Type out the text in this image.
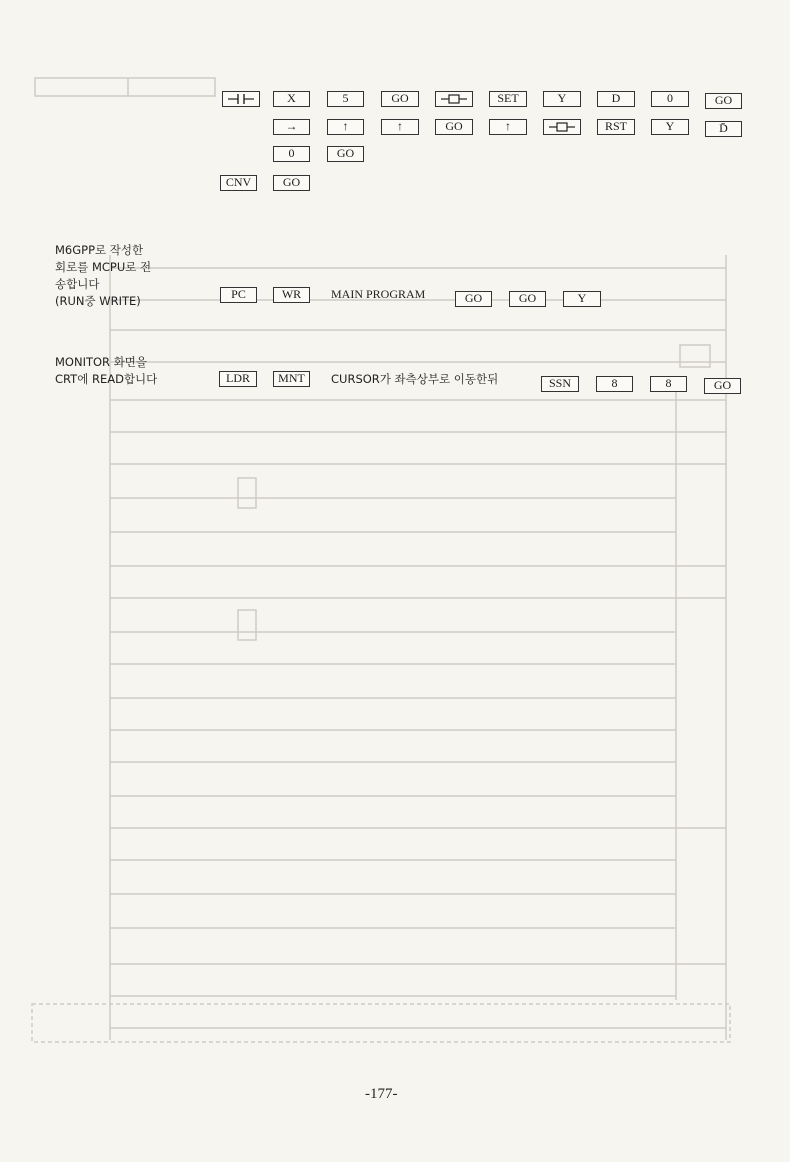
M6GPP로 작성한
회로를 MCPU로 전
송합니다
(RUN중 WRITE)
MONITOR 화면을
CRT에 READ합니다
X	5	GO	SET	Y	D	0	GO
→	↑	↑	GO	↑	RST	Y	D̄
0	GO
CNV	GO
PC	WR	MAIN PROGRAM	GO	GO	Y
LDR	MNT	CURSOR가 좌측상부로 이동한뒤	SSN	8	8	GO
-177-
